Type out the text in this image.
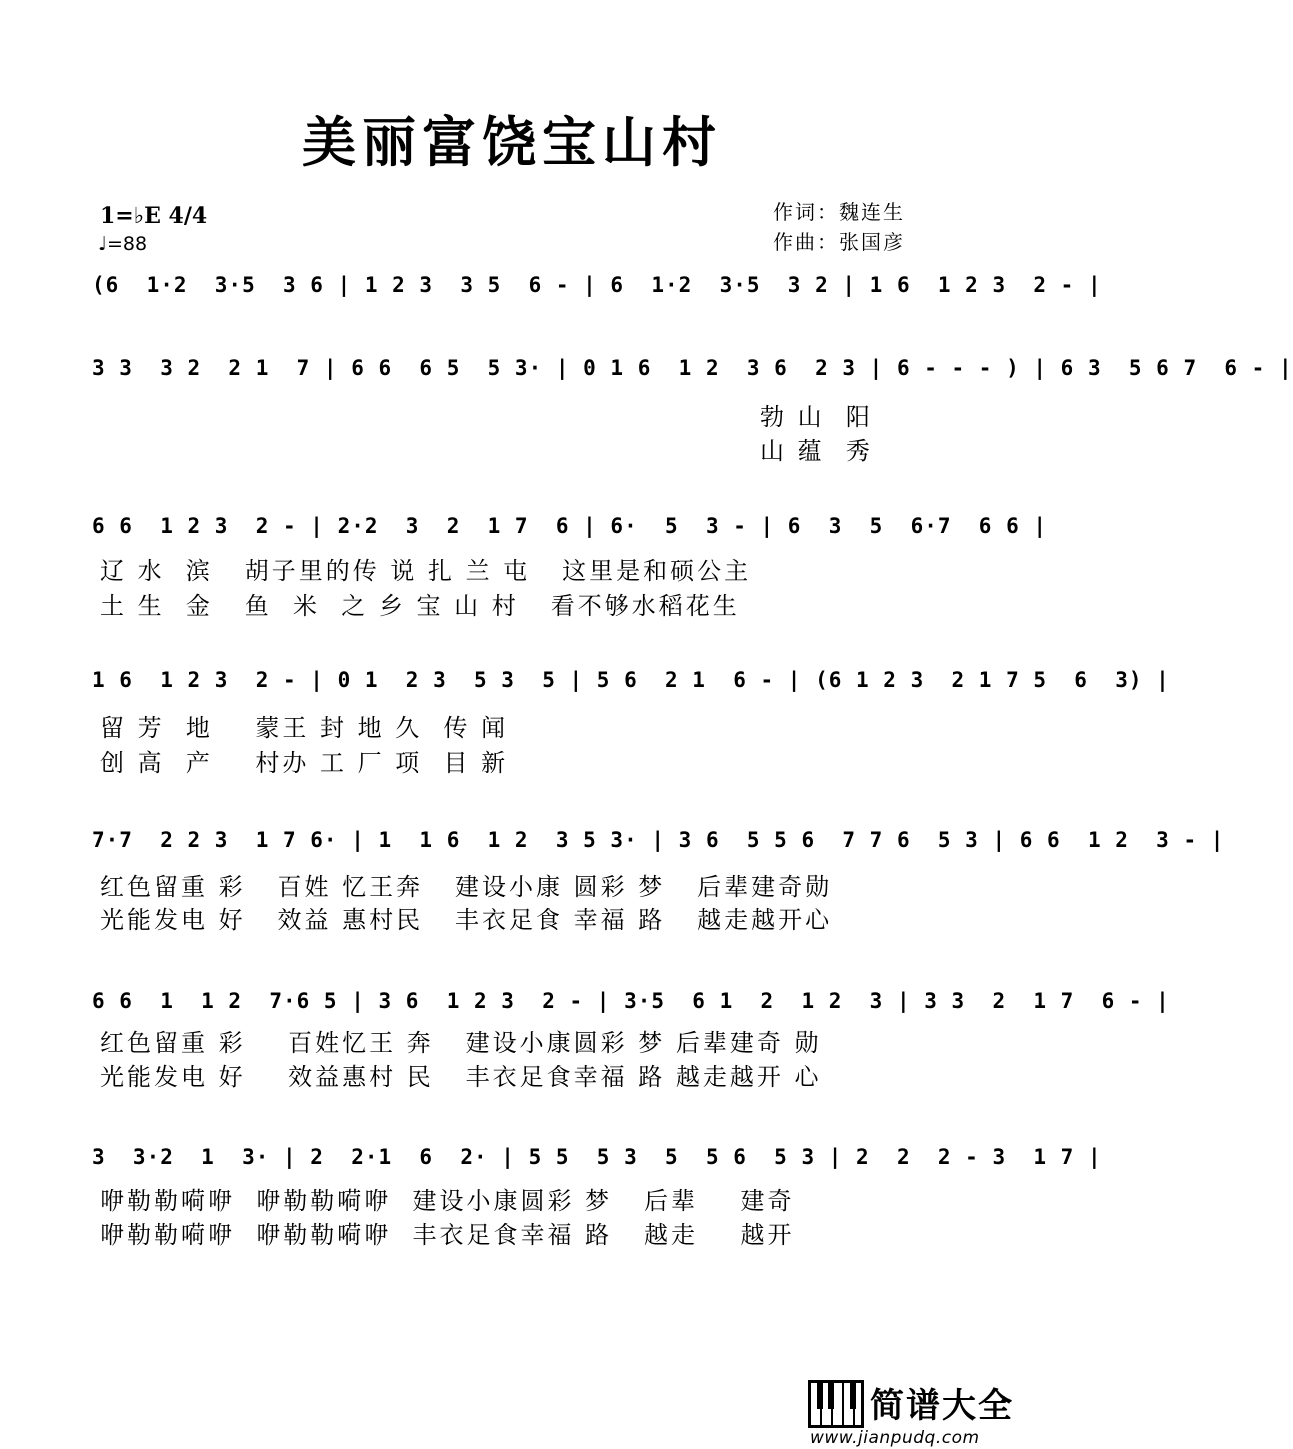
美丽富饶宝山村
1=♭E 4/4
♩=88
作词：魏连生
作曲：张国彦
(6  1·2  3·5  3 6 | 1 2 3  3 5  6 - | 6  1·2  3·5  3 2 | 1 6  1 2 3  2 - |
3 3  3 2  2 1  7 | 6 6  6 5  5 3· | 0 1 6  1 2  3 6  2 3 | 6 - - - ) | 6 3  5 6 7  6 - |
勃 山  阳
山 蕴  秀
6 6  1 2 3  2 - | 2·2  3  2  1 7  6 | 6·  5  3 - | 6  3  5  6·7  6 6 |
辽 水  滨   胡子里的传 说 扎 兰 屯   这里是和硕公主
土 生  金   鱼  米  之 乡 宝 山 村   看不够水稻花生
1 6  1 2 3  2 - | 0 1  2 3  5 3  5 | 5 6  2 1  6 - | (6 1 2 3  2 1 7 5  6  3) |
留 芳  地    蒙王 封 地 久  传 闻
创 高  产    村办 工 厂 项  目 新
7·7  2 2 3  1 7 6· | 1  1 6  1 2  3 5 3· | 3 6  5 5 6  7 7 6  5 3 | 6 6  1 2  3 - |
红色留重 彩   百姓 忆王奔   建设小康 圆彩 梦   后辈建奇勋
光能发电 好   效益 惠村民   丰衣足食 幸福 路   越走越开心
6 6  1  1 2  7·6 5 | 3 6  1 2 3  2 - | 3·5  6 1  2  1 2  3 | 3 3  2  1 7  6 - |
红色留重 彩    百姓忆王 奔   建设小康圆彩 梦 后辈建奇 勋
光能发电 好    效益惠村 民   丰衣足食幸福 路 越走越开 心
3  3·2  1  3· | 2  2·1  6  2· | 5 5  5 3  5  5 6  5 3 | 2  2  2 - 3  1 7 |
咿勒勒嗬咿  咿勒勒嗬咿  建设小康圆彩 梦   后辈    建奇
咿勒勒嗬咿  咿勒勒嗬咿  丰衣足食幸福 路   越走    越开
简谱大全
www.jianpudq.com
